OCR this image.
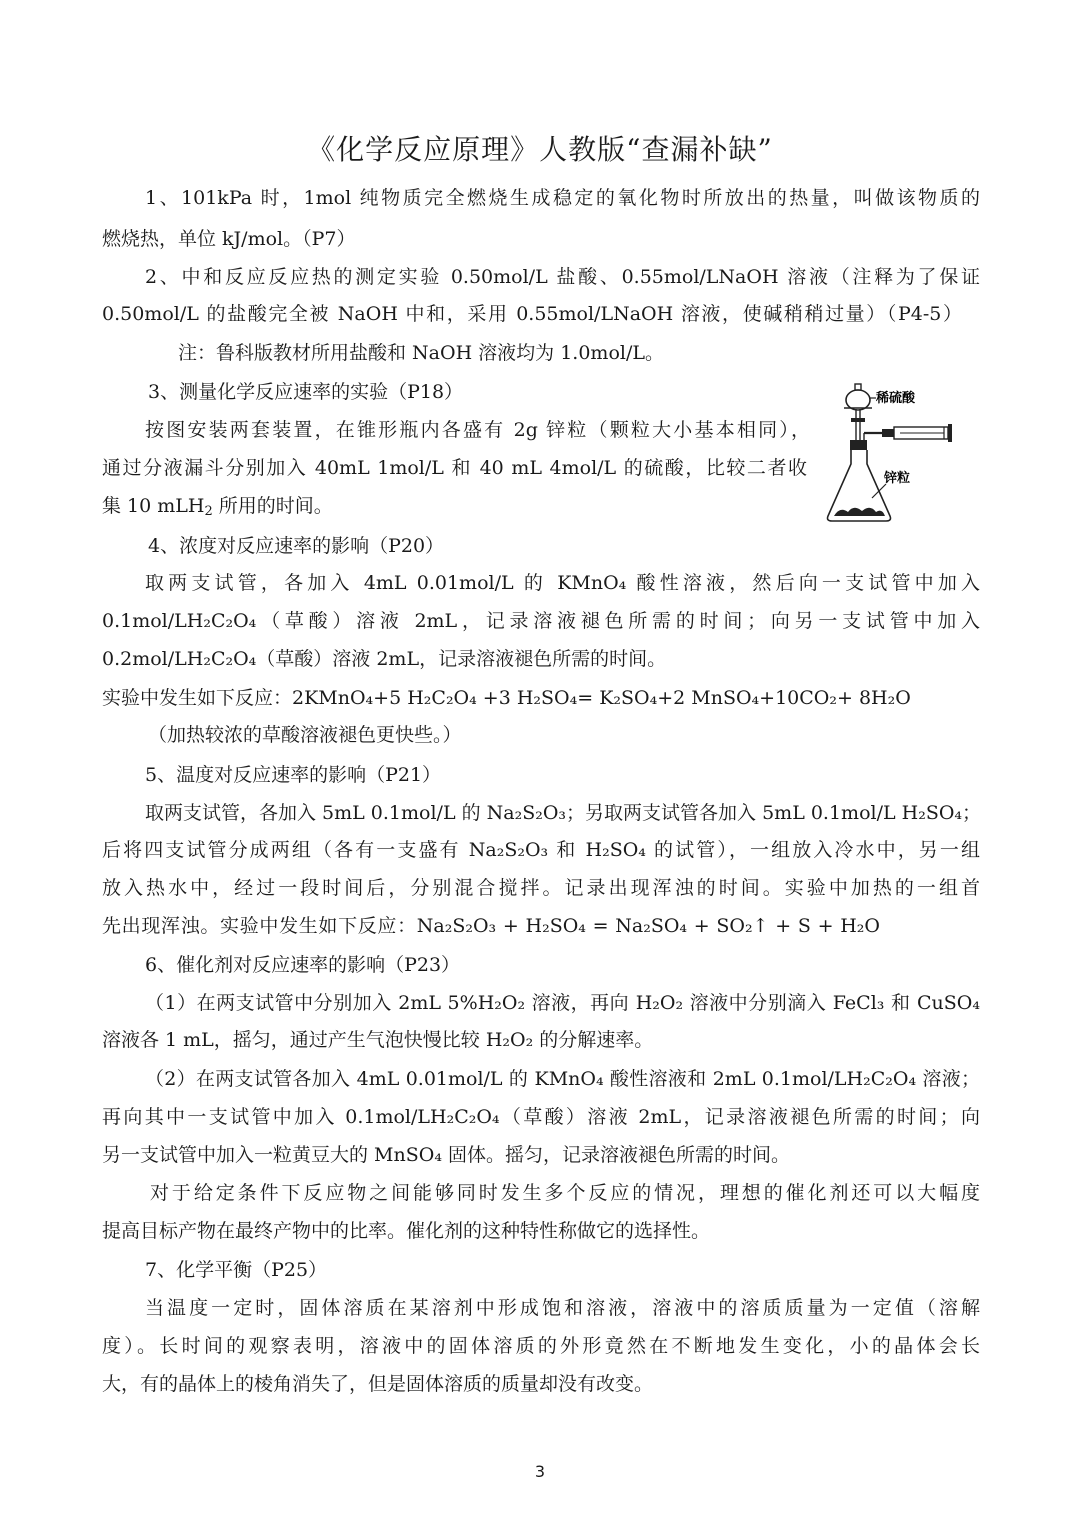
《化学反应原理》人教版“查漏补缺”
1、101kPa 时，1mol 纯物质完全燃烧生成稳定的氧化物时所放出的热量，叫做该物质的
燃烧热，单位 kJ/mol。（P7）
2、中和反应反应热的测定实验 0.50mol/L 盐酸、0.55mol/LNaOH 溶液（注释为了保证
0.50mol/L 的盐酸完全被 NaOH 中和，采用 0.55mol/LNaOH 溶液，使碱稍稍过量）（P4-5）
注：鲁科版教材所用盐酸和 NaOH 溶液均为 1.0mol/L。
3、测量化学反应速率的实验（P18）
按图安装两套装置，在锥形瓶内各盛有 2g 锌粒（颗粒大小基本相同），
通过分液漏斗分别加入 40mL 1mol/L 和 40 mL 4mol/L 的硫酸，比较二者收
集 10 mLH$_2$ 所用的时间。
稀硫酸
锌粒
4、浓度对反应速率的影响（P20）
取两支试管，各加入 4mL 0.01mol/L 的 KMnO₄ 酸性溶液，然后向一支试管中加入
0.1mol/LH₂C₂O₄（草酸）溶液 2mL，记录溶液褪色所需的时间；向另一支试管中加入
0.2mol/LH₂C₂O₄（草酸）溶液 2mL，记录溶液褪色所需的时间。
实验中发生如下反应：2KMnO₄+5 H₂C₂O₄ +3 H₂SO₄= K₂SO₄+2 MnSO₄+10CO₂+ 8H₂O
（加热较浓的草酸溶液褪色更快些。）
5、温度对反应速率的影响（P21）
取两支试管，各加入 5mL 0.1mol/L 的 Na₂S₂O₃；另取两支试管各加入 5mL 0.1mol/L H₂SO₄；
后将四支试管分成两组（各有一支盛有 Na₂S₂O₃ 和 H₂SO₄ 的试管），一组放入冷水中，另一组
放入热水中，经过一段时间后，分别混合搅拌。记录出现浑浊的时间。实验中加热的一组首
先出现浑浊。实验中发生如下反应：Na₂S₂O₃ + H₂SO₄ = Na₂SO₄ + SO₂↑ + S + H₂O
6、催化剂对反应速率的影响（P23）
（1）在两支试管中分别加入 2mL 5%H₂O₂ 溶液，再向 H₂O₂ 溶液中分别滴入 FeCl₃ 和 CuSO₄
溶液各 1 mL，摇匀，通过产生气泡快慢比较 H₂O₂ 的分解速率。
（2）在两支试管各加入 4mL 0.01mol/L 的 KMnO₄ 酸性溶液和 2mL 0.1mol/LH₂C₂O₄ 溶液；
再向其中一支试管中加入 0.1mol/LH₂C₂O₄（草酸）溶液 2mL，记录溶液褪色所需的时间；向
另一支试管中加入一粒黄豆大的 MnSO₄ 固体。摇匀，记录溶液褪色所需的时间。
对于给定条件下反应物之间能够同时发生多个反应的情况，理想的催化剂还可以大幅度
提高目标产物在最终产物中的比率。催化剂的这种特性称做它的选择性。
7、化学平衡（P25）
当温度一定时，固体溶质在某溶剂中形成饱和溶液，溶液中的溶质质量为一定值（溶解
度）。长时间的观察表明，溶液中的固体溶质的外形竟然在不断地发生变化，小的晶体会长
大，有的晶体上的棱角消失了，但是固体溶质的质量却没有改变。
3
